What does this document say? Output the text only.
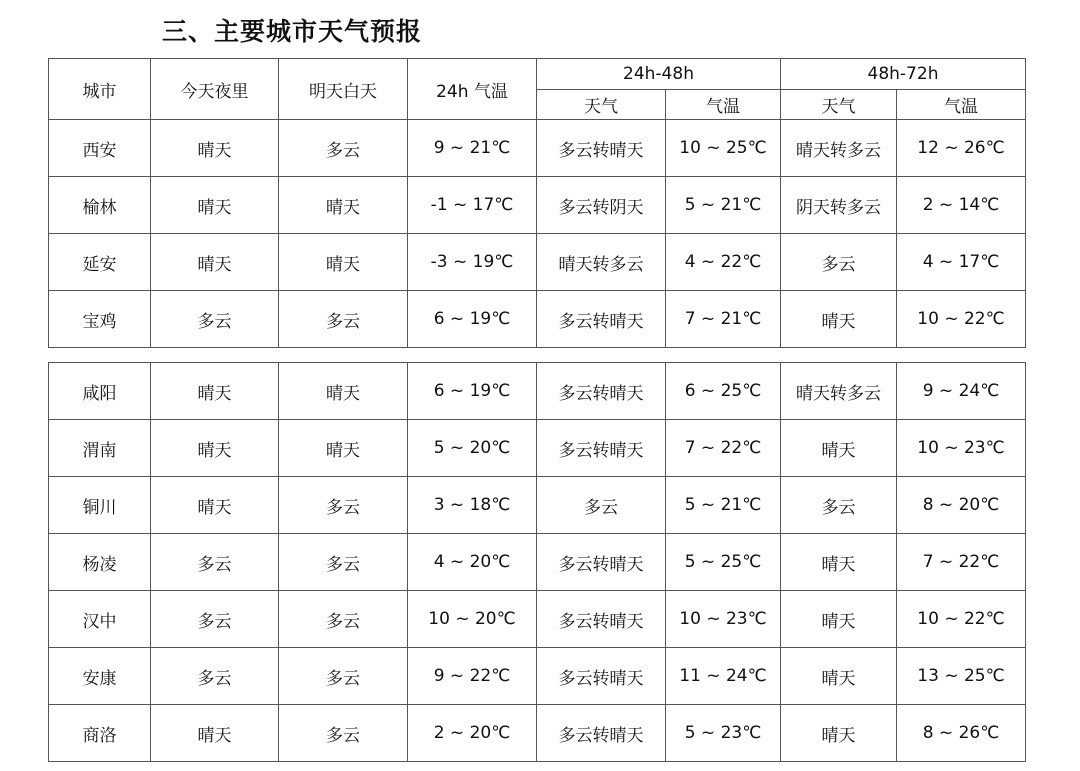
三、主要城市天气预报
城市	今天夜里	明天白天	24h 气温	24h-48h		48h-72h	
				天气	气温	天气	气温
西安	晴天	多云	9 ~ 21℃	多云转晴天	10 ~ 25℃	晴天转多云	12 ~ 26℃
榆林	晴天	晴天	-1 ~ 17℃	多云转阴天	5 ~ 21℃	阴天转多云	2 ~ 14℃
延安	晴天	晴天	-3 ~ 19℃	晴天转多云	4 ~ 22℃	多云	4 ~ 17℃
宝鸡	多云	多云	6 ~ 19℃	多云转晴天	7 ~ 21℃	晴天	10 ~ 22℃
咸阳	晴天	晴天	6 ~ 19℃	多云转晴天	6 ~ 25℃	晴天转多云	9 ~ 24℃
渭南	晴天	晴天	5 ~ 20℃	多云转晴天	7 ~ 22℃	晴天	10 ~ 23℃
铜川	晴天	多云	3 ~ 18℃	多云	5 ~ 21℃	多云	8 ~ 20℃
杨凌	多云	多云	4 ~ 20℃	多云转晴天	5 ~ 25℃	晴天	7 ~ 22℃
汉中	多云	多云	10 ~ 20℃	多云转晴天	10 ~ 23℃	晴天	10 ~ 22℃
安康	多云	多云	9 ~ 22℃	多云转晴天	11 ~ 24℃	晴天	13 ~ 25℃
商洛	晴天	多云	2 ~ 20℃	多云转晴天	5 ~ 23℃	晴天	8 ~ 26℃
